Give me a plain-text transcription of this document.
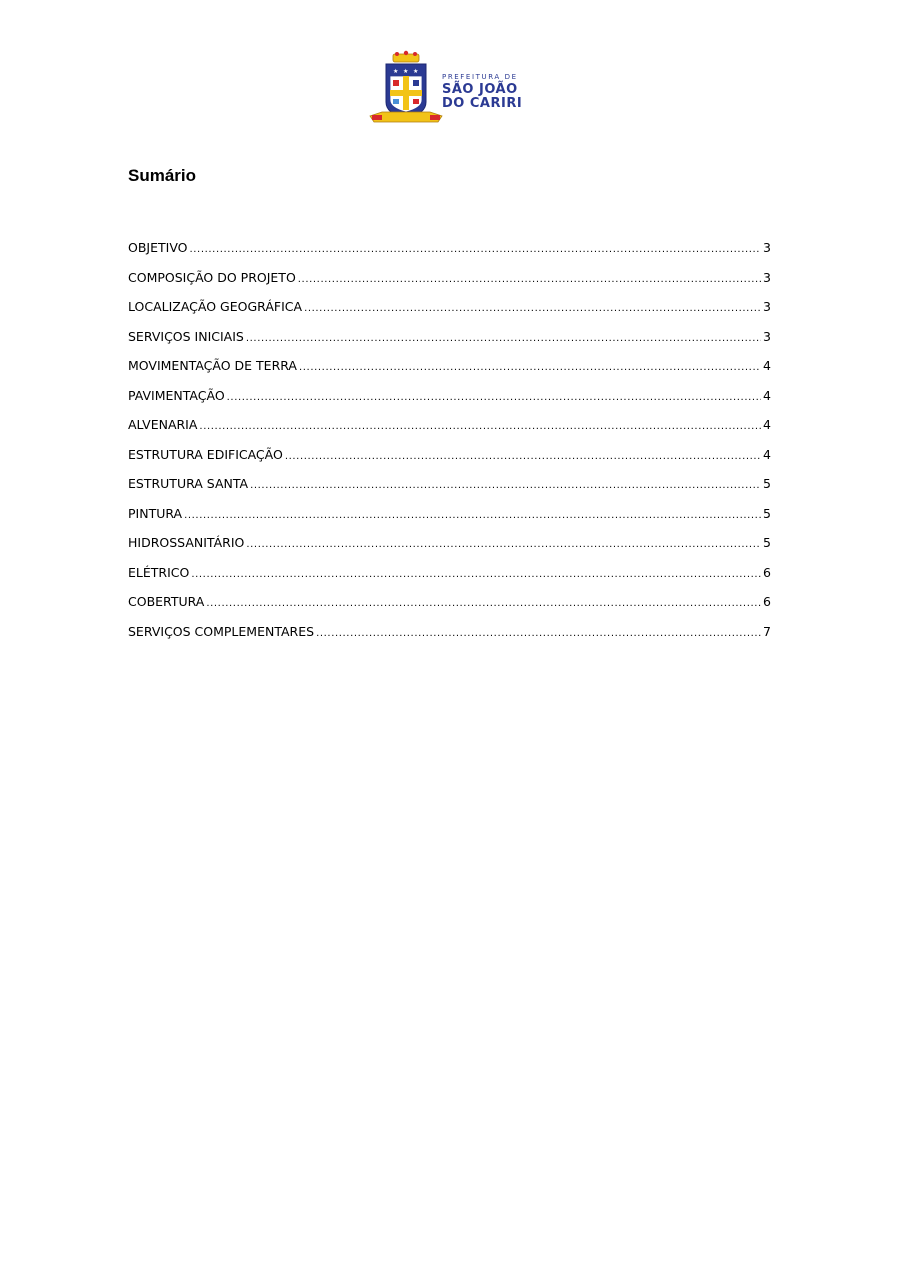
★ ★ ★
PREFEITURA DE
SÃO JOÃO
DO CARIRI
Sumário
OBJETIVO .....	3
COMPOSIÇÃO DO PROJETO .....	3
LOCALIZAÇÃO GEOGRÁFICA .....	3
SERVIÇOS INICIAIS .....	3
MOVIMENTAÇÃO DE TERRA .....	4
PAVIMENTAÇÃO .....	4
ALVENARIA .....	4
ESTRUTURA EDIFICAÇÃO .....	4
ESTRUTURA SANTA .....	5
PINTURA .....	5
HIDROSSANITÁRIO .....	5
ELÉTRICO .....	6
COBERTURA .....	6
SERVIÇOS COMPLEMENTARES .....	7
